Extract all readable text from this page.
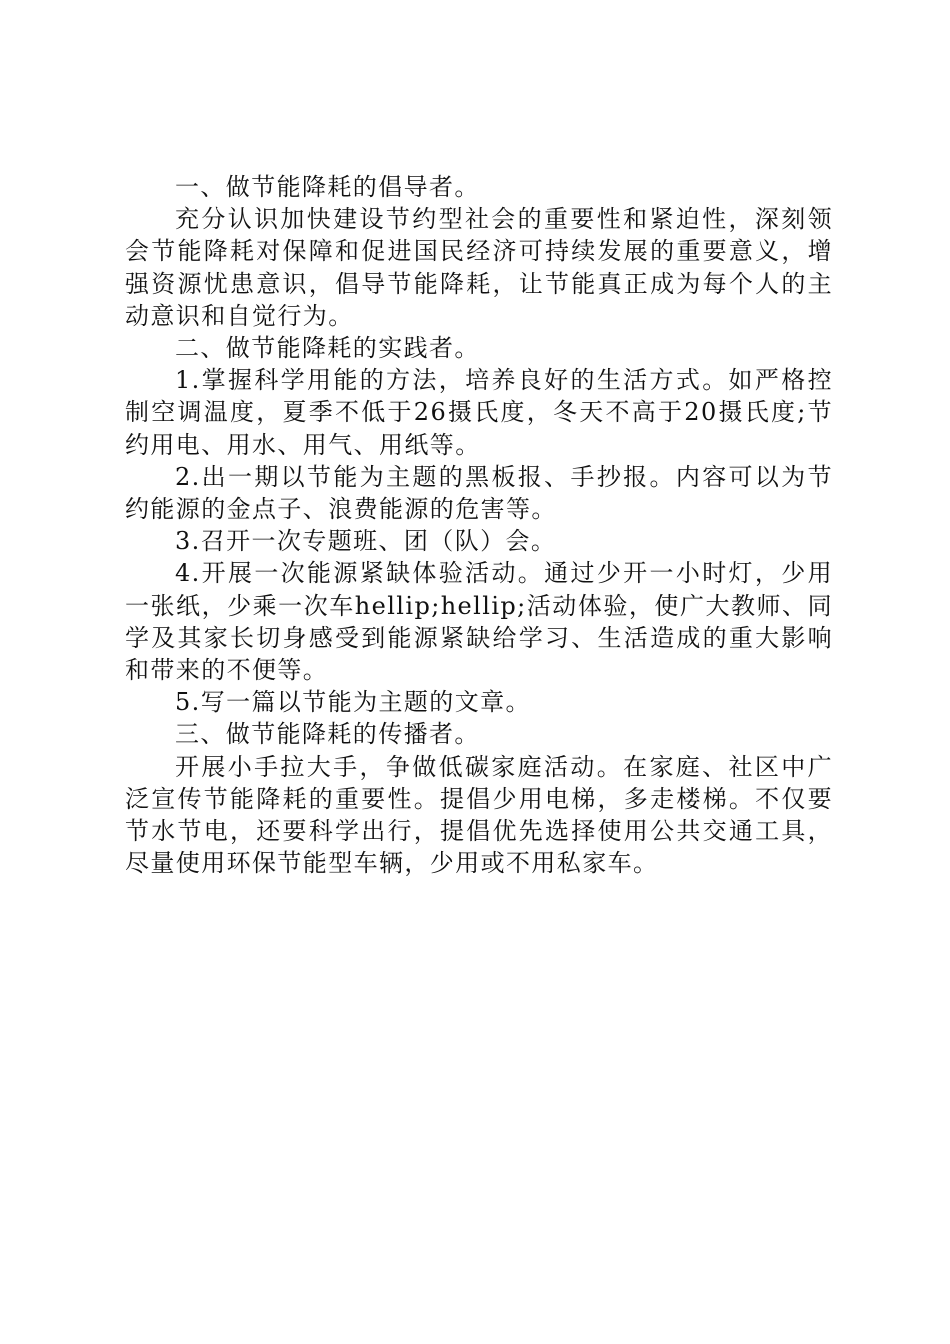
一、做节能降耗的倡导者。

充分认识加快建设节约型社会的重要性和紧迫性，深刻领会节能降耗对保障和促进国民经济可持续发展的重要意义，增强资源忧患意识，倡导节能降耗，让节能真正成为每个人的主动意识和自觉行为。

二、做节能降耗的实践者。

1.掌握科学用能的方法，培养良好的生活方式。如严格控制空调温度，夏季不低于26摄氏度，冬天不高于20摄氏度;节约用电、用水、用气、用纸等。

2.出一期以节能为主题的黑板报、手抄报。内容可以为节约能源的金点子、浪费能源的危害等。

3.召开一次专题班、团（队）会。

4.开展一次能源紧缺体验活动。通过少开一小时灯，少用一张纸，少乘一次车hellip;hellip;活动体验，使广大教师、同学及其家长切身感受到能源紧缺给学习、生活造成的重大影响和带来的不便等。

5.写一篇以节能为主题的文章。

三、做节能降耗的传播者。

开展小手拉大手，争做低碳家庭活动。在家庭、社区中广泛宣传节能降耗的重要性。提倡少用电梯，多走楼梯。不仅要节水节电，还要科学出行，提倡优先选择使用公共交通工具，尽量使用环保节能型车辆，少用或不用私家车。
